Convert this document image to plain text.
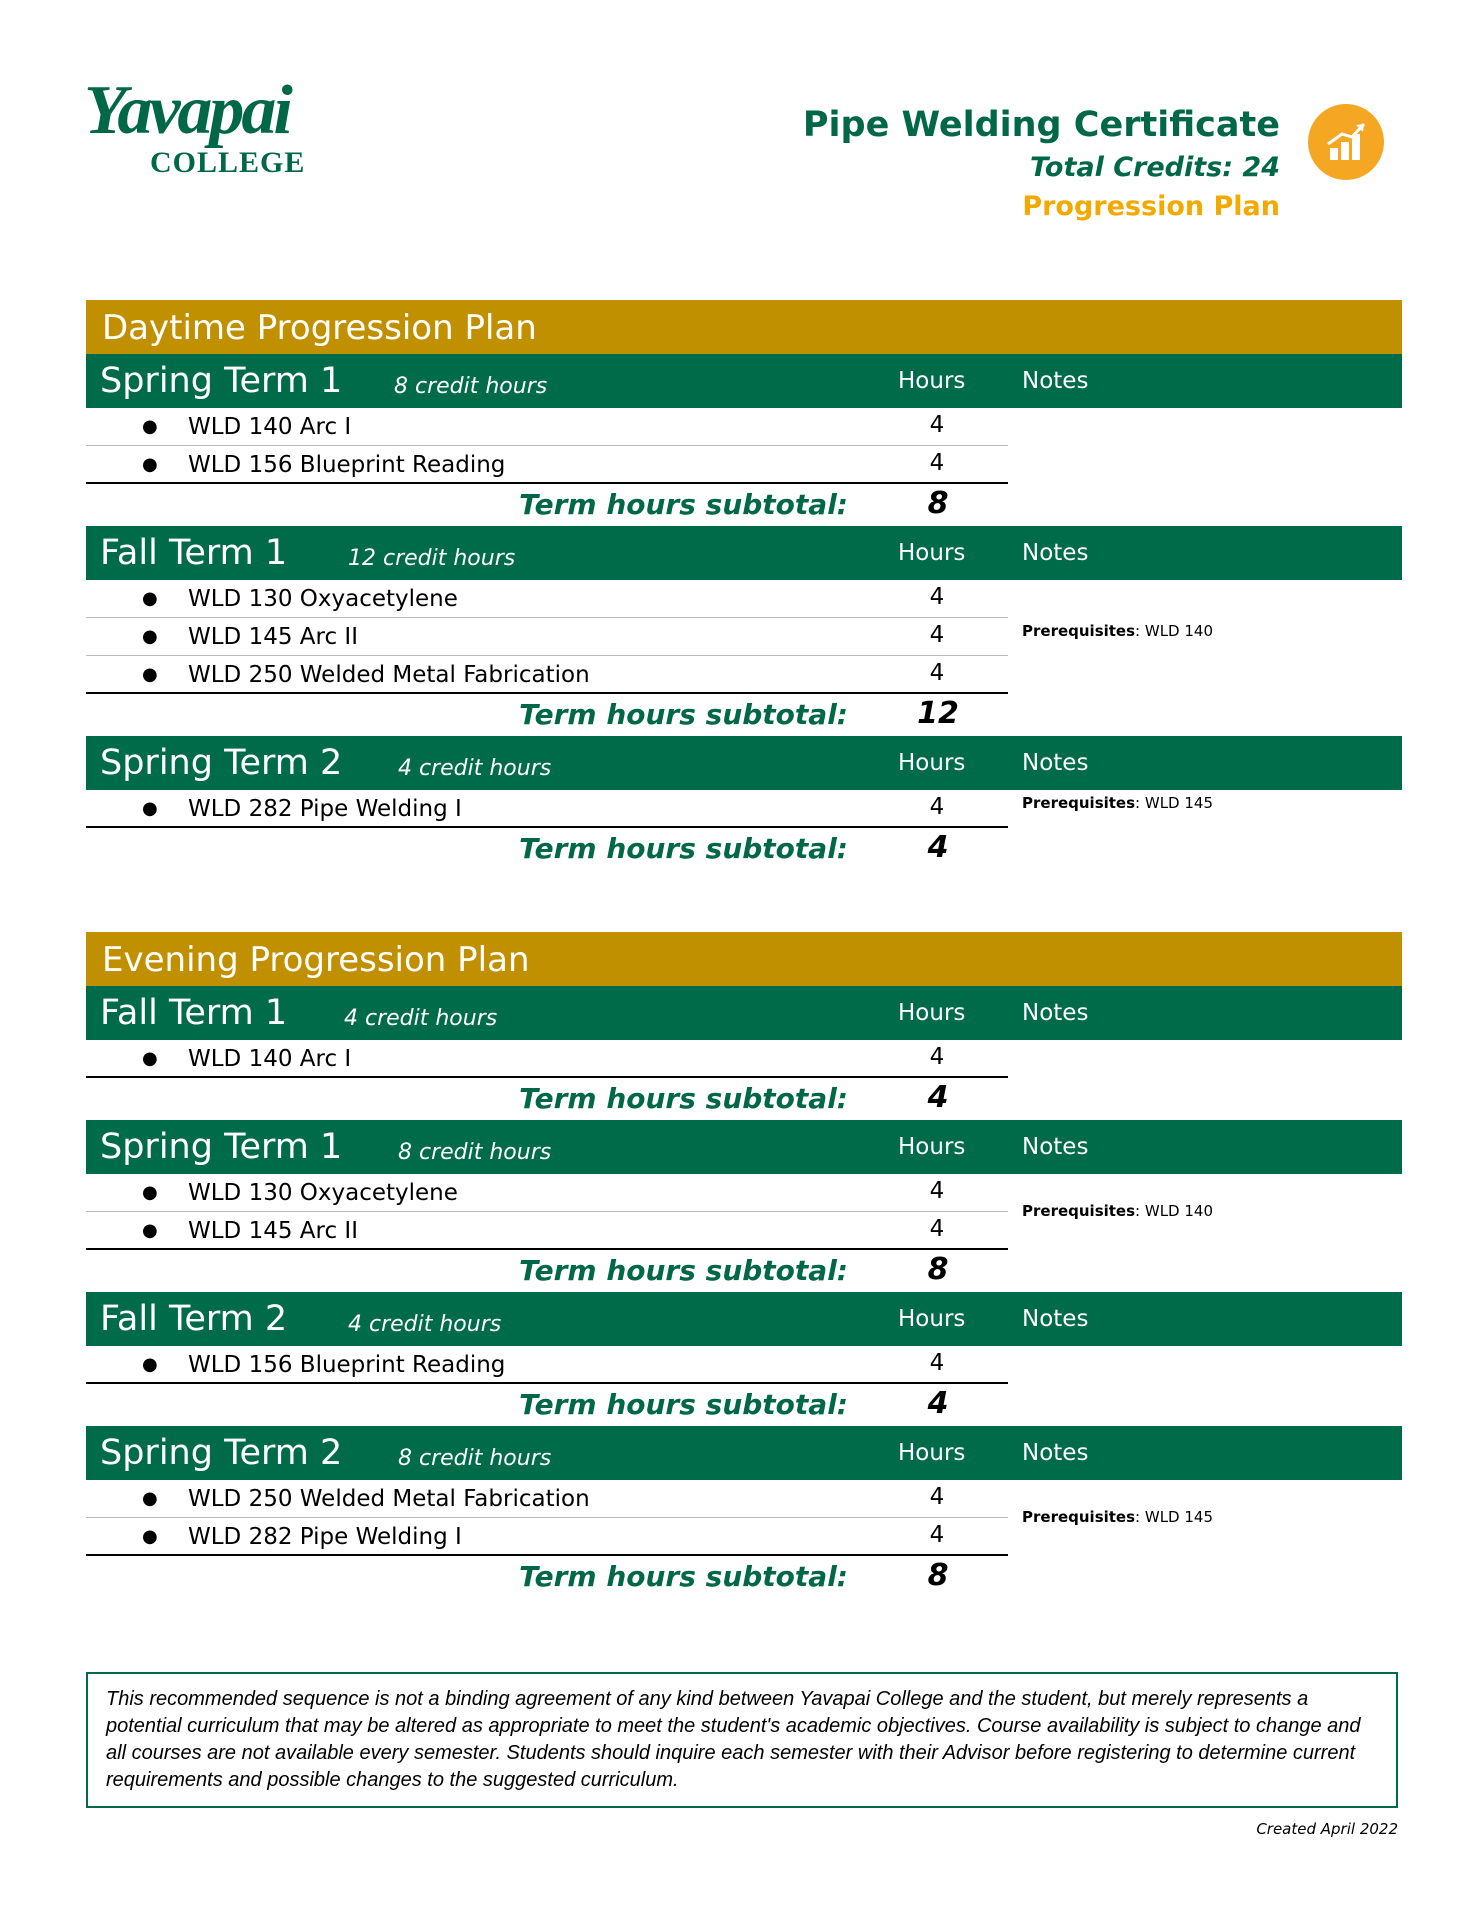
Yavapai
COLLEGE
Pipe Welding Certificate
Total Credits: 24
Progression Plan
Daytime Progression Plan
Spring Term 1 8 credit hours	Hours Notes
● WLD 140 Arc I	4
● WLD 156 Blueprint Reading	4
Term hours subtotal:	8
Fall Term 1	12 credit hours	Hours Notes
● WLD 130 Oxyacetylene	4
● WLD 145 Arc II	4
● WLD 250 Welded Metal Fabrication	4
Prerequisites: WLD 140
Term hours subtotal:	12
Spring Term 2	4 credit hours	Hours Notes
● WLD 282 Pipe Welding I	4	Prerequisites: WLD 145
Term hours subtotal:	4
Evening Progression Plan
Fall Term 1	4 credit hours	Hours Notes
● WLD 140 Arc I	4
Term hours subtotal:	4
Spring Term 1	8 credit hours	Hours Notes
● WLD 130 Oxyacetylene	4
● WLD 145 Arc II	4
Prerequisites: WLD 140
Term hours subtotal:	8
Fall Term 2	4 credit hours	Hours Notes
● WLD 156 Blueprint Reading	4
Term hours subtotal:	4
Spring Term 2	8 credit hours	Hours Notes
● WLD 250 Welded Metal Fabrication	4
● WLD 282 Pipe Welding I	4
Prerequisites: WLD 145
Term hours subtotal:	8
This recommended sequence is not a binding agreement of any kind between Yavapai College and the student, but merely represents a potential curriculum that may be altered as appropriate to meet the student's academic objectives. Course availability is subject to change and all courses are not available every semester. Students should inquire each semester with their Advisor before registering to determine current requirements and possible changes to the suggested curriculum.
Created April 2022
